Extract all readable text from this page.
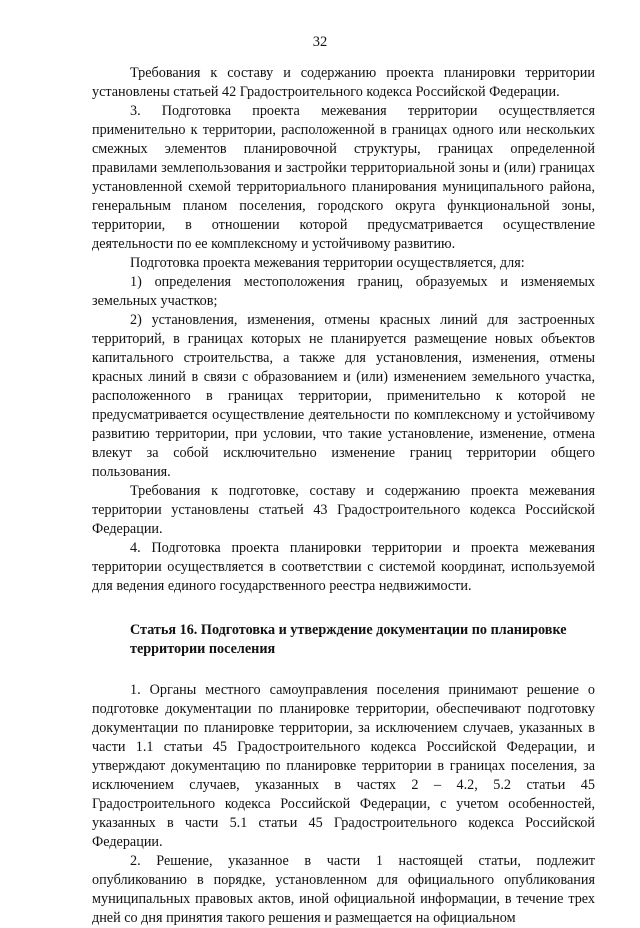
32

Требования к составу и содержанию проекта планировки территории установлены статьей 42 Градостроительного кодекса Российской Федерации.

3. Подготовка проекта межевания территории осуществляется применительно к территории, расположенной в границах одного или нескольких смежных элементов планировочной структуры, границах определенной правилами землепользования и застройки территориальной зоны и (или) границах установленной схемой территориального планирования муниципального района, генеральным планом поселения, городского округа функциональной зоны, территории, в отношении которой предусматривается осуществление деятельности по ее комплексному и устойчивому развитию.

Подготовка проекта межевания территории осуществляется, для:

1) определения местоположения границ, образуемых и изменяемых земельных участков;

2) установления, изменения, отмены красных линий для застроенных территорий, в границах которых не планируется размещение новых объектов капитального строительства, а также для установления, изменения, отмены красных линий в связи с образованием и (или) изменением земельного участка, расположенного в границах территории, применительно к которой не предусматривается осуществление деятельности по комплексному и устойчивому развитию территории, при условии, что такие установление, изменение, отмена влекут за собой исключительно изменение границ территории общего пользования.

Требования к подготовке, составу и содержанию проекта межевания территории установлены статьей 43 Градостроительного кодекса Российской Федерации.

4. Подготовка проекта планировки территории и проекта межевания территории осуществляется в соответствии с системой координат, используемой для ведения единого государственного реестра недвижимости.

Статья 16. Подготовка и утверждение документации по планировке территории поселения

1. Органы местного самоуправления поселения принимают решение о подготовке документации по планировке территории, обеспечивают подготовку документации по планировке территории, за исключением случаев, указанных в части 1.1 статьи 45 Градостроительного кодекса Российской Федерации, и утверждают документацию по планировке территории в границах поселения, за исключением случаев, указанных в частях 2 – 4.2, 5.2 статьи 45 Градостроительного кодекса Российской Федерации, с учетом особенностей, указанных в части 5.1 статьи 45 Градостроительного кодекса Российской Федерации.

2. Решение, указанное в части 1 настоящей статьи, подлежит опубликованию в порядке, установленном для официального опубликования муниципальных правовых актов, иной официальной информации, в течение трех дней со дня принятия такого решения и размещается на официальном
